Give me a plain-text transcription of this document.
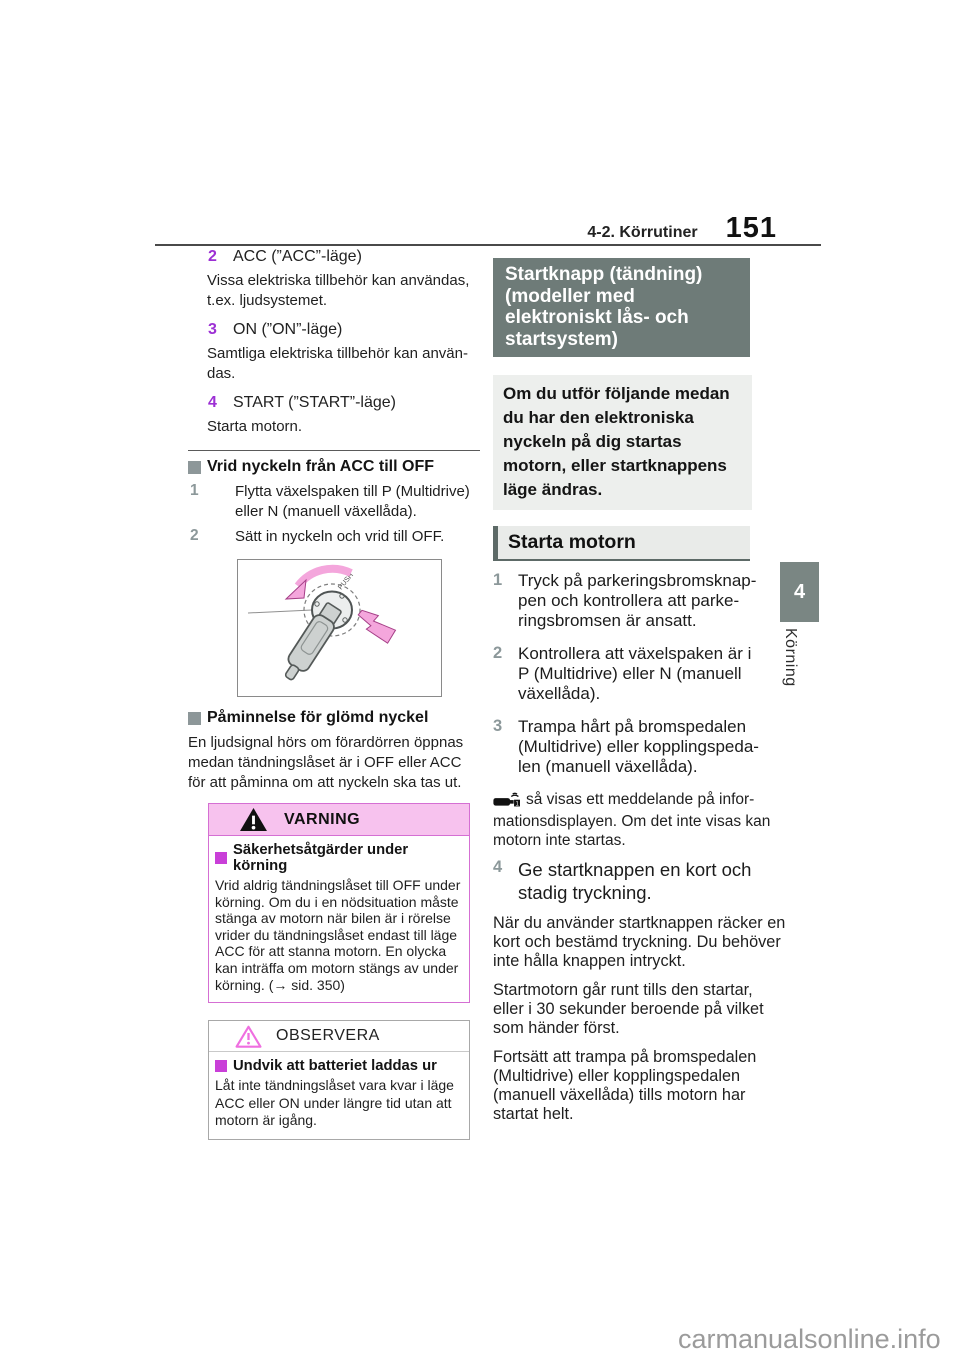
4-2. Körrutiner 151
2	ACC (”ACC”-läge)

Vissa elektriska tillbehör kan användas, t.ex. ljudsystemet.

3	ON (”ON”-läge)

Samtliga elektriska tillbehör kan användas.

4	START (”START”-läge)

Starta motorn.

Vrid nyckeln från ACC till OFF
1	Flytta växelspaken till P (Multidrive) eller N (manuell växellåda).
2	Sätt in nyckeln och vrid till OFF.
PUSH
Påminnelse för glömd nyckel

En ljudsignal hörs om förardörren öppnas medan tändningslåset är i OFF eller ACC för att påminna om att nyckeln ska tas ut.

VARNING
Säkerhetsåtgärder under körning

Vrid aldrig tändningslåset till OFF under körning. Om du i en nödsituation måste stänga av motorn när bilen är i rörelse vrider du tändningslåset endast till läge ACC för att stanna motorn. En olycka kan inträffa om motorn stängs av under körning. (→ sid. 350)

OBSERVERA
Undvik att batteriet laddas ur

Låt inte tändningslåset vara kvar i läge ACC eller ON under längre tid utan att motorn är igång.

Startknapp (tändning) (modeller med elektroniskt lås- och startsystem)
Om du utför följande medan du har den elektroniska nyckeln på dig startas motorn, eller startknappens läge ändras.
Starta motorn
1 Tryck på parkeringsbromsknappen och kontrollera att parkeringsbromsen är ansatt.
2 Kontrollera att växelspaken är i P (Multidrive) eller N (manuell växellåda).
3 Trampa hårt på bromspedalen (Multidrive) eller kopplingspedalen (manuell växellåda).
1 så visas ett meddelande på informationsdisplayen. Om det inte visas kan motorn inte startas.
4 Ge startknappen en kort och stadig tryckning.

När du använder startknappen räcker en kort och bestämd tryckning. Du behöver inte hålla knappen intryckt.

Startmotorn går runt tills den startar, eller i 30 sekunder beroende på vilket som händer först.

Fortsätt att trampa på bromspedalen (Multidrive) eller kopplingspedalen (manuell växellåda) tills motorn har startat helt.

4
Körning
carmanualsonline.info
